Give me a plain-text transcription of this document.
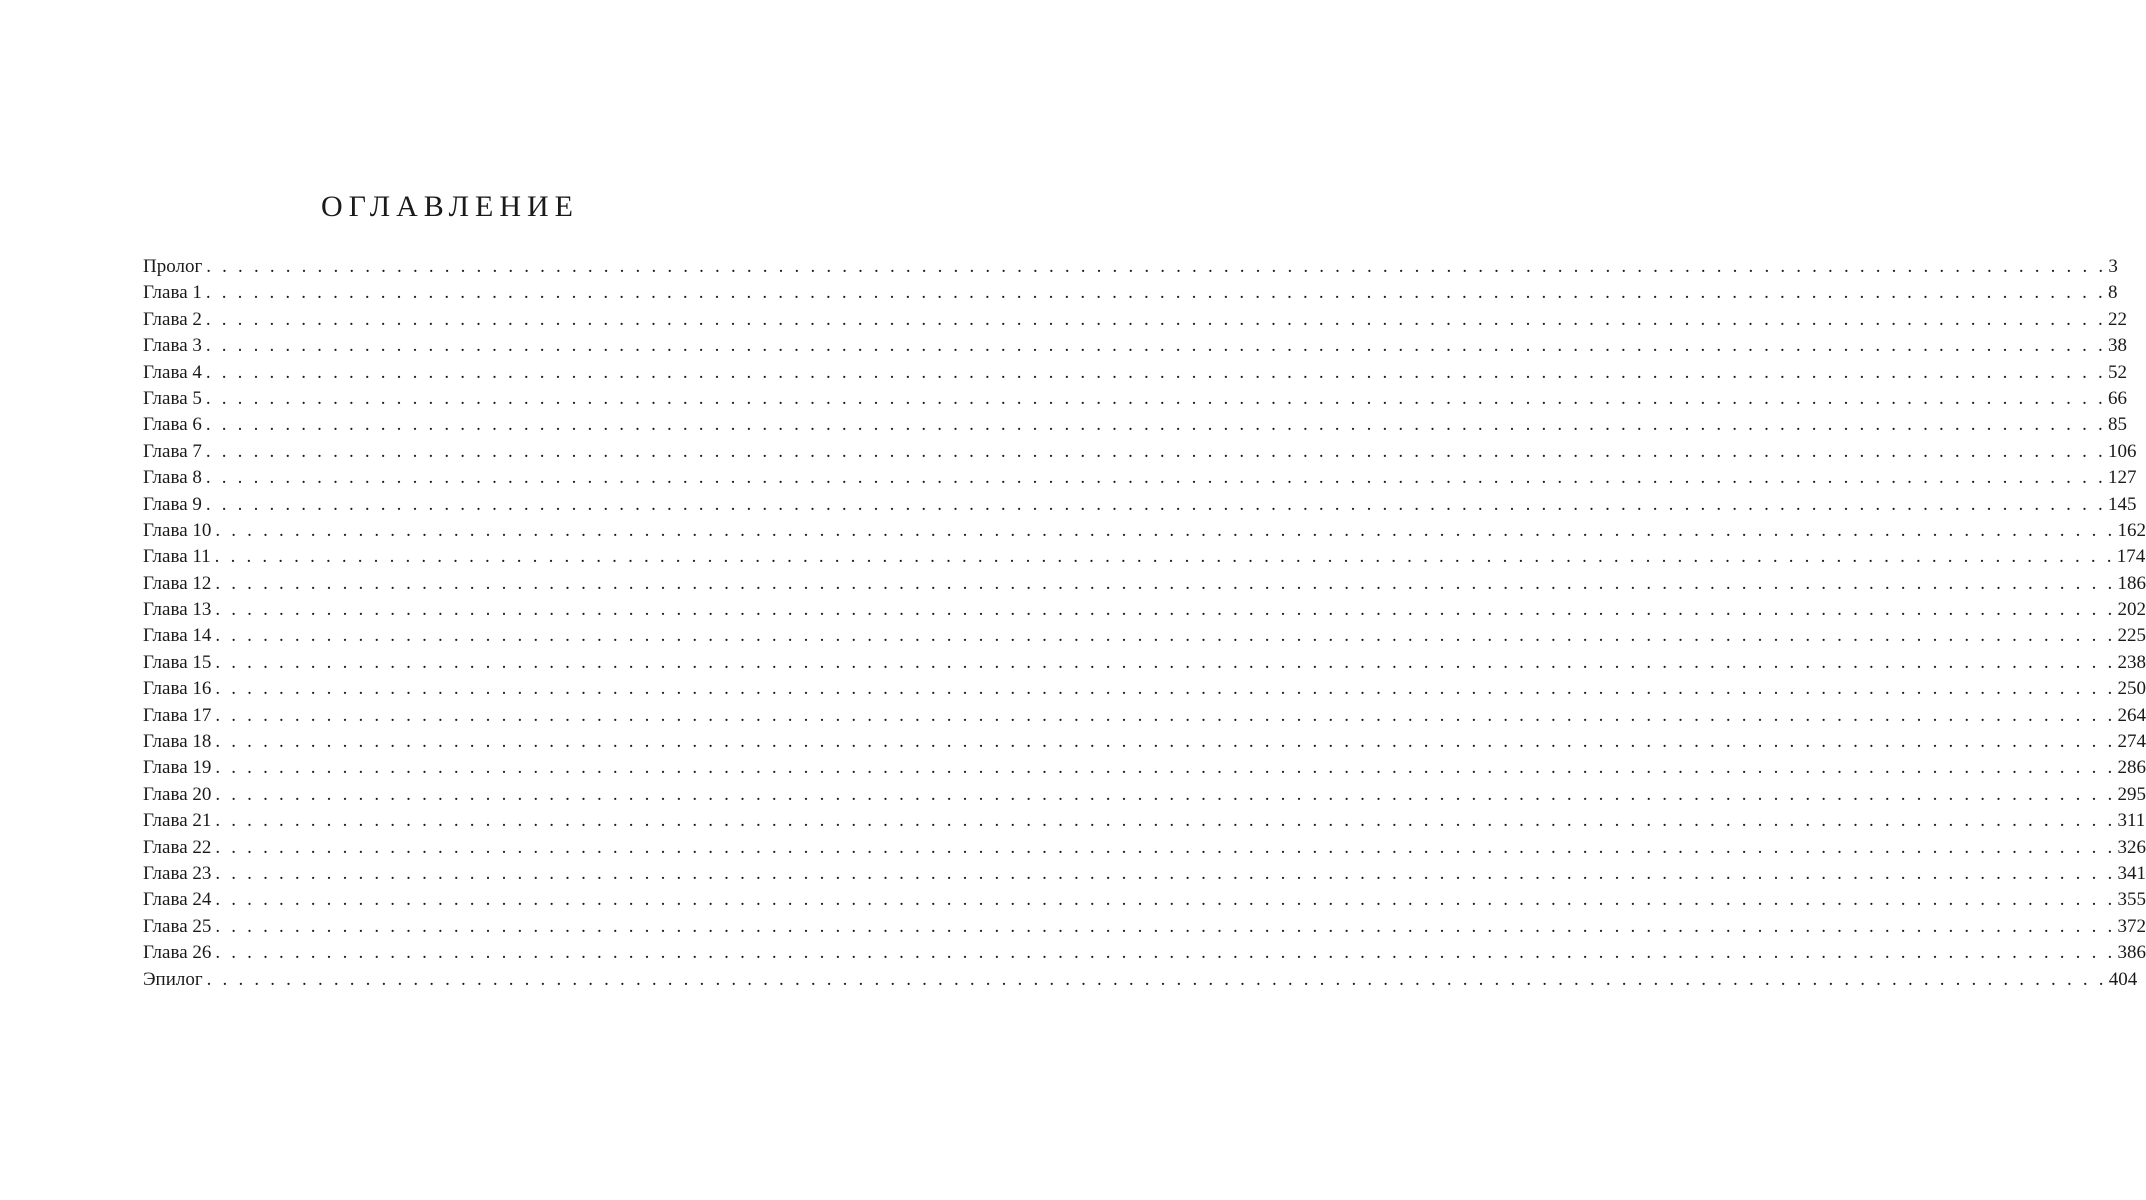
ОГЛАВЛЕНИЕ
Пролог . . . . . . . . . . . . . . . . . . . . . . . . . . . . . . . . . . . . . . . . . . . . . . . . . . . . . . . . . . . . . . . . . . . . . . . . . . . . . . . . . . . . . . . . . . . . . . . . . . . . . . . . . . . . . . . . . . . . . . . . 3
Глава 1 . . . . . . . . . . . . . . . . . . . . . . . . . . . . . . . . . . . . . . . . . . . . . . . . . . . . . . . . . . . . . . . . . . . . . . . . . . . . . . . . . . . . . . . . . . . . . . . . . . . . . . . . . . . . . . . . . . . . . . . . 8
Глава 2 . . . . . . . . . . . . . . . . . . . . . . . . . . . . . . . . . . . . . . . . . . . . . . . . . . . . . . . . . . . . . . . . . . . . . . . . . . . . . . . . . . . . . . . . . . . . . . . . . . . . . . . . . . . . . . . . . . . . . . . . 22
Глава 3 . . . . . . . . . . . . . . . . . . . . . . . . . . . . . . . . . . . . . . . . . . . . . . . . . . . . . . . . . . . . . . . . . . . . . . . . . . . . . . . . . . . . . . . . . . . . . . . . . . . . . . . . . . . . . . . . . . . . . . . . 38
Глава 4 . . . . . . . . . . . . . . . . . . . . . . . . . . . . . . . . . . . . . . . . . . . . . . . . . . . . . . . . . . . . . . . . . . . . . . . . . . . . . . . . . . . . . . . . . . . . . . . . . . . . . . . . . . . . . . . . . . . . . . . . 52
Глава 5 . . . . . . . . . . . . . . . . . . . . . . . . . . . . . . . . . . . . . . . . . . . . . . . . . . . . . . . . . . . . . . . . . . . . . . . . . . . . . . . . . . . . . . . . . . . . . . . . . . . . . . . . . . . . . . . . . . . . . . . . 66
Глава 6 . . . . . . . . . . . . . . . . . . . . . . . . . . . . . . . . . . . . . . . . . . . . . . . . . . . . . . . . . . . . . . . . . . . . . . . . . . . . . . . . . . . . . . . . . . . . . . . . . . . . . . . . . . . . . . . . . . . . . . . . 85
Глава 7 . . . . . . . . . . . . . . . . . . . . . . . . . . . . . . . . . . . . . . . . . . . . . . . . . . . . . . . . . . . . . . . . . . . . . . . . . . . . . . . . . . . . . . . . . . . . . . . . . . . . . . . . . . . . . . . . . . . . . . . . 106
Глава 8 . . . . . . . . . . . . . . . . . . . . . . . . . . . . . . . . . . . . . . . . . . . . . . . . . . . . . . . . . . . . . . . . . . . . . . . . . . . . . . . . . . . . . . . . . . . . . . . . . . . . . . . . . . . . . . . . . . . . . . . . 127
Глава 9 . . . . . . . . . . . . . . . . . . . . . . . . . . . . . . . . . . . . . . . . . . . . . . . . . . . . . . . . . . . . . . . . . . . . . . . . . . . . . . . . . . . . . . . . . . . . . . . . . . . . . . . . . . . . . . . . . . . . . . . . 145
Глава 10 . . . . . . . . . . . . . . . . . . . . . . . . . . . . . . . . . . . . . . . . . . . . . . . . . . . . . . . . . . . . . . . . . . . . . . . . . . . . . . . . . . . . . . . . . . . . . . . . . . . . . . . . . . . . . . . . . . . . . . . . 162
Глава 11 . . . . . . . . . . . . . . . . . . . . . . . . . . . . . . . . . . . . . . . . . . . . . . . . . . . . . . . . . . . . . . . . . . . . . . . . . . . . . . . . . . . . . . . . . . . . . . . . . . . . . . . . . . . . . . . . . . . . . . . . 174
Глава 12 . . . . . . . . . . . . . . . . . . . . . . . . . . . . . . . . . . . . . . . . . . . . . . . . . . . . . . . . . . . . . . . . . . . . . . . . . . . . . . . . . . . . . . . . . . . . . . . . . . . . . . . . . . . . . . . . . . . . . . . . 186
Глава 13 . . . . . . . . . . . . . . . . . . . . . . . . . . . . . . . . . . . . . . . . . . . . . . . . . . . . . . . . . . . . . . . . . . . . . . . . . . . . . . . . . . . . . . . . . . . . . . . . . . . . . . . . . . . . . . . . . . . . . . . . 202
Глава 14 . . . . . . . . . . . . . . . . . . . . . . . . . . . . . . . . . . . . . . . . . . . . . . . . . . . . . . . . . . . . . . . . . . . . . . . . . . . . . . . . . . . . . . . . . . . . . . . . . . . . . . . . . . . . . . . . . . . . . . . . 225
Глава 15 . . . . . . . . . . . . . . . . . . . . . . . . . . . . . . . . . . . . . . . . . . . . . . . . . . . . . . . . . . . . . . . . . . . . . . . . . . . . . . . . . . . . . . . . . . . . . . . . . . . . . . . . . . . . . . . . . . . . . . . . 238
Глава 16 . . . . . . . . . . . . . . . . . . . . . . . . . . . . . . . . . . . . . . . . . . . . . . . . . . . . . . . . . . . . . . . . . . . . . . . . . . . . . . . . . . . . . . . . . . . . . . . . . . . . . . . . . . . . . . . . . . . . . . . . 250
Глава 17 . . . . . . . . . . . . . . . . . . . . . . . . . . . . . . . . . . . . . . . . . . . . . . . . . . . . . . . . . . . . . . . . . . . . . . . . . . . . . . . . . . . . . . . . . . . . . . . . . . . . . . . . . . . . . . . . . . . . . . . . 264
Глава 18 . . . . . . . . . . . . . . . . . . . . . . . . . . . . . . . . . . . . . . . . . . . . . . . . . . . . . . . . . . . . . . . . . . . . . . . . . . . . . . . . . . . . . . . . . . . . . . . . . . . . . . . . . . . . . . . . . . . . . . . . 274
Глава 19 . . . . . . . . . . . . . . . . . . . . . . . . . . . . . . . . . . . . . . . . . . . . . . . . . . . . . . . . . . . . . . . . . . . . . . . . . . . . . . . . . . . . . . . . . . . . . . . . . . . . . . . . . . . . . . . . . . . . . . . . 286
Глава 20 . . . . . . . . . . . . . . . . . . . . . . . . . . . . . . . . . . . . . . . . . . . . . . . . . . . . . . . . . . . . . . . . . . . . . . . . . . . . . . . . . . . . . . . . . . . . . . . . . . . . . . . . . . . . . . . . . . . . . . . . 295
Глава 21 . . . . . . . . . . . . . . . . . . . . . . . . . . . . . . . . . . . . . . . . . . . . . . . . . . . . . . . . . . . . . . . . . . . . . . . . . . . . . . . . . . . . . . . . . . . . . . . . . . . . . . . . . . . . . . . . . . . . . . . . 311
Глава 22 . . . . . . . . . . . . . . . . . . . . . . . . . . . . . . . . . . . . . . . . . . . . . . . . . . . . . . . . . . . . . . . . . . . . . . . . . . . . . . . . . . . . . . . . . . . . . . . . . . . . . . . . . . . . . . . . . . . . . . . . 326
Глава 23 . . . . . . . . . . . . . . . . . . . . . . . . . . . . . . . . . . . . . . . . . . . . . . . . . . . . . . . . . . . . . . . . . . . . . . . . . . . . . . . . . . . . . . . . . . . . . . . . . . . . . . . . . . . . . . . . . . . . . . . . 341
Глава 24 . . . . . . . . . . . . . . . . . . . . . . . . . . . . . . . . . . . . . . . . . . . . . . . . . . . . . . . . . . . . . . . . . . . . . . . . . . . . . . . . . . . . . . . . . . . . . . . . . . . . . . . . . . . . . . . . . . . . . . . . 355
Глава 25 . . . . . . . . . . . . . . . . . . . . . . . . . . . . . . . . . . . . . . . . . . . . . . . . . . . . . . . . . . . . . . . . . . . . . . . . . . . . . . . . . . . . . . . . . . . . . . . . . . . . . . . . . . . . . . . . . . . . . . . . 372
Глава 26 . . . . . . . . . . . . . . . . . . . . . . . . . . . . . . . . . . . . . . . . . . . . . . . . . . . . . . . . . . . . . . . . . . . . . . . . . . . . . . . . . . . . . . . . . . . . . . . . . . . . . . . . . . . . . . . . . . . . . . . . 386
Эпилог . . . . . . . . . . . . . . . . . . . . . . . . . . . . . . . . . . . . . . . . . . . . . . . . . . . . . . . . . . . . . . . . . . . . . . . . . . . . . . . . . . . . . . . . . . . . . . . . . . . . . . . . . . . . . . . . . . . . . . . . 404
